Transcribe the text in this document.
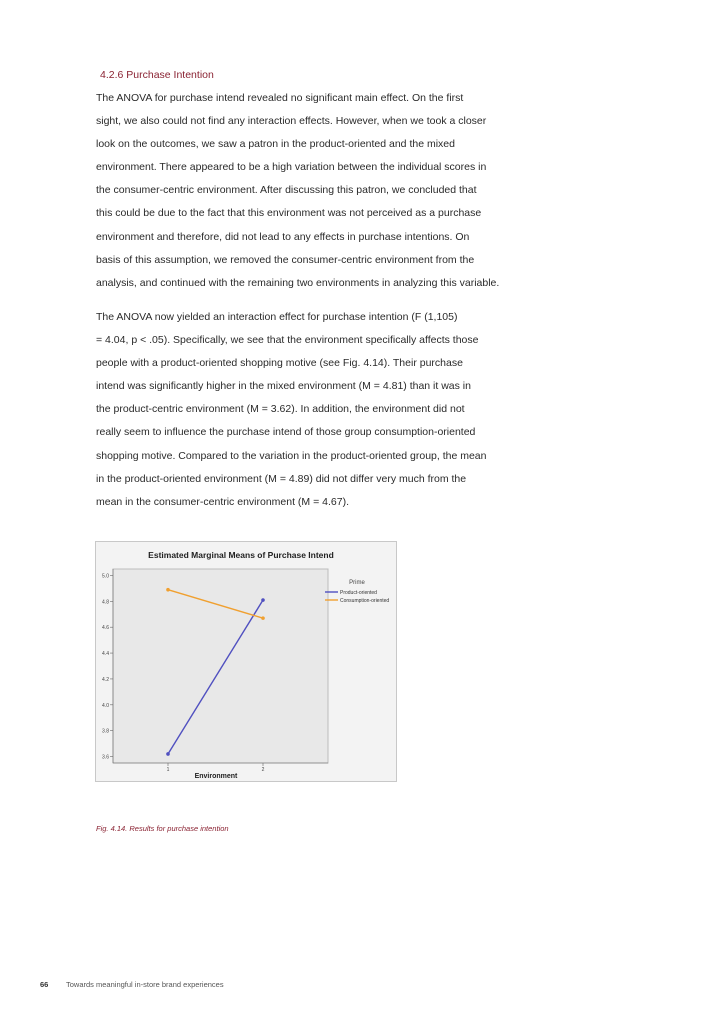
4.2.6 Purchase Intention
The ANOVA for purchase intend revealed no significant main effect. On the first
sight, we also could not find any interaction effects. However, when we took a closer
look on the outcomes, we saw a patron in the product-oriented and the mixed
environment. There appeared to be a high variation between the individual scores in
the consumer-centric environment. After discussing this patron, we concluded that
this could be due to the fact that this environment was not perceived as a purchase
environment and therefore, did not lead to any effects in purchase intentions. On
basis of this assumption, we removed the consumer-centric environment from the
analysis, and continued with the remaining two environments in analyzing this variable.
The ANOVA now yielded an interaction effect for purchase intention (F (1,105)
= 4.04, p < .05). Specifically, we see that the environment specifically affects those
people with a product-oriented shopping motive (see Fig. 4.14). Their purchase
intend was significantly higher in the mixed environment (M = 4.81) than it was in
the product-centric environment (M = 3.62). In addition, the environment did not
really seem to influence the purchase intend of those group consumption-oriented
shopping motive. Compared to the variation in the product-oriented group, the mean
in the product-oriented environment (M = 4.89) did not differ very much from the
mean in the consumer-centric environment (M = 4.67).
Estimated Marginal Means of Purchase Intend
3.6
3.8
4.0
4.2
4.4
4.6
4.8
5.0
1	2
Environment
Prime
Product-oriented
Consumption-oriented
Fig. 4.14. Results for purchase intention
66 Towards meaningful in-store brand experiences
